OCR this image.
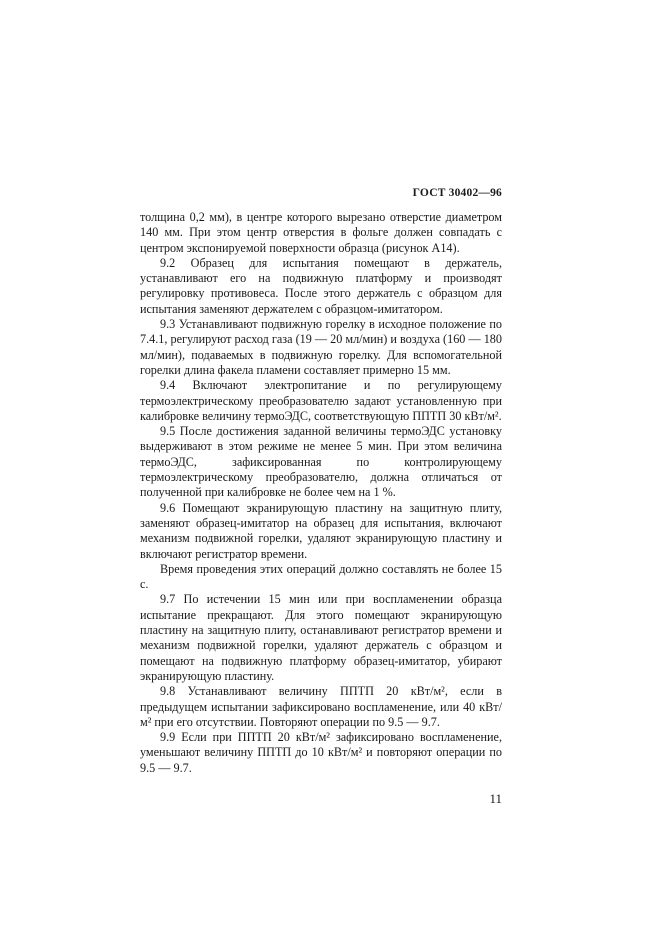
ГОСТ 30402—96

толщина 0,2 мм), в центре которого вырезано отверстие диаметром 140 мм. При этом центр отверстия в фольге должен совпадать с центром экспонируемой поверхности образца (рисунок А14).

9.2 Образец для испытания помещают в держатель, устанавливают его на подвижную платформу и производят регулировку противовеса. После этого держатель с образцом для испытания заменяют держателем с образцом-имитатором.

9.3 Устанавливают подвижную горелку в исходное положение по 7.4.1, регулируют расход газа (19 — 20 мл/мин) и воздуха (160 — 180 мл/мин), подаваемых в подвижную горелку. Для вспомогательной горелки длина факела пламени составляет примерно 15 мм.

9.4 Включают электропитание и по регулирующему термоэлектрическому преобразователю задают установленную при калибровке величину термоЭДС, соответствующую ППТП 30 кВт/м².

9.5 После достижения заданной величины термоЭДС установку выдерживают в этом режиме не менее 5 мин. При этом величина термоЭДС, зафиксированная по контролирующему термоэлектрическому преобразователю, должна отличаться от полученной при калибровке не более чем на 1 %.

9.6 Помещают экранирующую пластину на защитную плиту, заменяют образец-имитатор на образец для испытания, включают механизм подвижной горелки, удаляют экранирующую пластину и включают регистратор времени.

Время проведения этих операций должно составлять не более 15 с.

9.7 По истечении 15 мин или при воспламенении образца испытание прекращают. Для этого помещают экранирующую пластину на защитную плиту, останавливают регистратор времени и механизм подвижной горелки, удаляют держатель с образцом и помещают на подвижную платформу образец-имитатор, убирают экранирующую пластину.

9.8 Устанавливают величину ППТП 20 кВт/м², если в предыдущем испытании зафиксировано воспламенение, или 40 кВт/м² при его отсутствии. Повторяют операции по 9.5 — 9.7.

9.9 Если при ППТП 20 кВт/м² зафиксировано воспламенение, уменьшают величину ППТП до 10 кВт/м² и повторяют операции по 9.5 — 9.7.

11
